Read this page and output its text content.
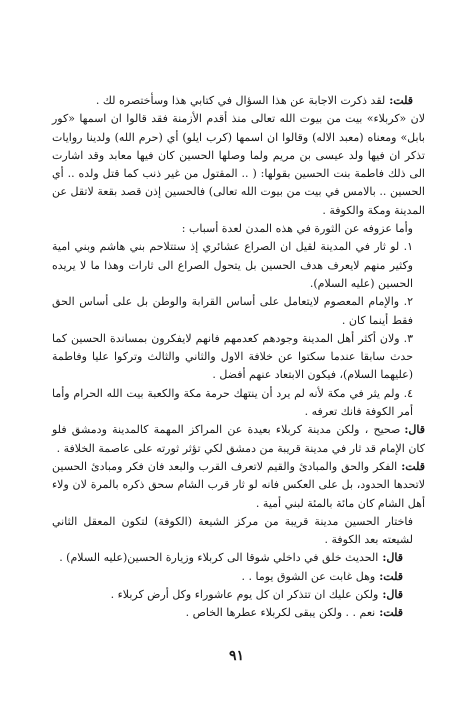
قلت:لقد ذكرت الاجابة عن هذا السؤال في كتابي هذا وسأختصره لك .

لان «كربلاء» بيت من بيوت الله تعالى منذ أقدم الأزمنة فقد قالوا ان اسمها «كور بابل» ومعناه (معبد الاله) وقالوا ان اسمها (كرب ايلو) أي (حرم الله) ولدينا روايات تذكر ان فيها ولد عيسى بن مريم ولما وصلها الحسين كان فيها معابد وقد اشارت الى ذلك فاطمة بنت الحسين بقولها: ( .. المقتول من غير ذنب كما قتل ولده .. أي الحسين .. بالامس في بيت من بيوت الله تعالى) فالحسين إذن قصد بقعة لاتقل عن المدينة ومكة والكوفة .

وأما عزوفه عن الثورة في هذه المدن لعدة أسباب :

١. لو ثار في المدينة لقيل ان الصراع عشائري إذ ستتلاحم بني هاشم وبني امية وكثير منهم لايعرف هدف الحسين بل يتحول الصراع الى ثارات وهذا ما لا يريده الحسين (عليه السلام).

٢. والإمام المعصوم لايتعامل على أساس القرابة والوطن بل على أساس الحق فقط أينما كان .

٣. ولان أكثر أهل المدينة وجودهم كعدمهم فانهم لايفكرون بمساندة الحسين كما حدث سابقا عندما سكتوا عن خلافة الاول والثاني والثالث وتركوا عليا وفاطمة (عليهما السلام)، فيكون الابتعاد عنهم أفضل .

٤. ولم يثر في مكة لأنه لم يرد أن ينتهك حرمة مكة والكعبة بيت الله الحرام وأما أمر الكوفة فانك تعرفه .

قال:صحيح ، ولكن مدينة كربلاء بعيدة عن المراكز المهمة كالمدينة ودمشق فلو كان الإمام قد ثار في مدينة قريبة من دمشق لكي تؤثر ثورته على عاصمة الخلافة .

قلت:الفكر والحق والمبادئ والقيم لاتعرف القرب والبعد فان فكر ومبادئ الحسين لاتحدها الحدود، بل على العكس فانه لو ثار قرب الشام سحق ذكره بالمرة لان ولاء أهل الشام كان مائة بالمئة لبني أمية .

فاختار الحسين مدينة قريبة من مركز الشيعة (الكوفة) لتكون المعقل الثاني لشيعته بعد الكوفة .

قال:الحديث خلق في داخلي شوقا الى كربلاء وزيارة الحسين(عليه السلام) .

قلت:وهل غابت عن الشوق يوما . .

قال:ولكن عليك ان تتذكر ان كل يوم عاشوراء وكل أرض كربلاء .

قلت:نعم . . ولكن يبقى لكربلاء عطرها الخاص .

٩١
